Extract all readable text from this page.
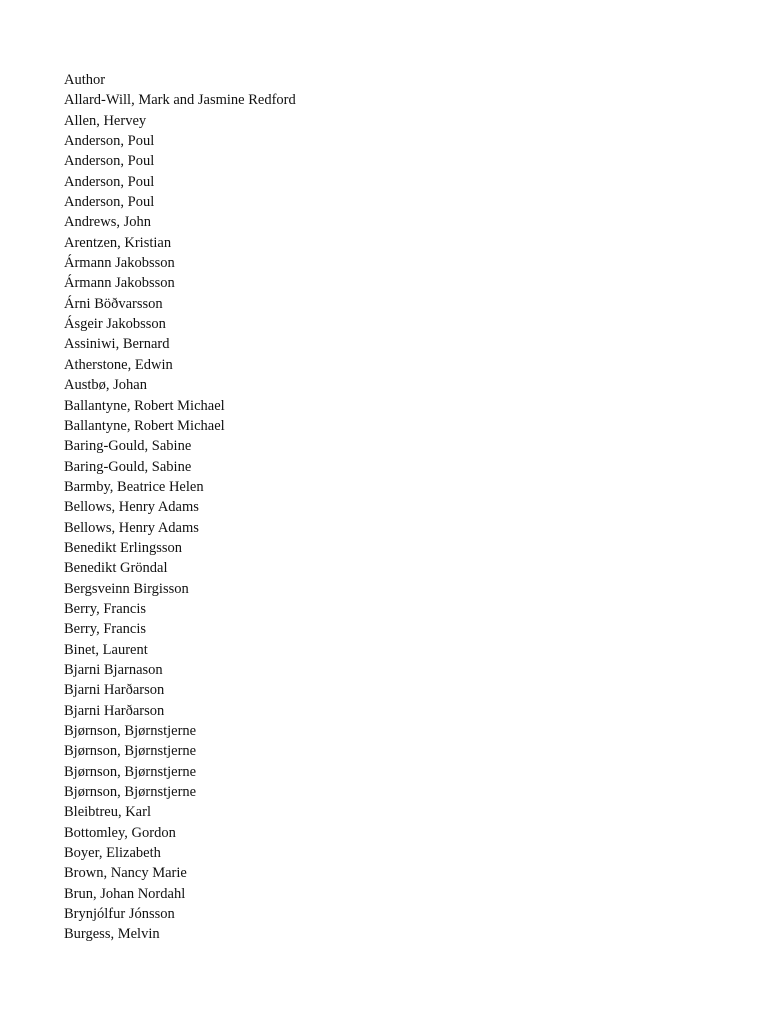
Author
Allard-Will, Mark and Jasmine Redford
Allen, Hervey
Anderson, Poul
Anderson, Poul
Anderson, Poul
Anderson, Poul
Andrews, John
Arentzen, Kristian
Ármann Jakobsson
Ármann Jakobsson
Árni Böðvarsson
Ásgeir Jakobsson
Assiniwi, Bernard
Atherstone, Edwin
Austbø, Johan
Ballantyne, Robert Michael
Ballantyne, Robert Michael
Baring-Gould, Sabine
Baring-Gould, Sabine
Barmby, Beatrice Helen
Bellows, Henry Adams
Bellows, Henry Adams
Benedikt Erlingsson
Benedikt Gröndal
Bergsveinn Birgisson
Berry, Francis
Berry, Francis
Binet, Laurent
Bjarni Bjarnason
Bjarni Harðarson
Bjarni Harðarson
Bjørnson, Bjørnstjerne
Bjørnson, Bjørnstjerne
Bjørnson, Bjørnstjerne
Bjørnson, Bjørnstjerne
Bleibtreu, Karl
Bottomley, Gordon
Boyer, Elizabeth
Brown, Nancy Marie
Brun, Johan Nordahl
Brynjólfur Jónsson
Burgess, Melvin
